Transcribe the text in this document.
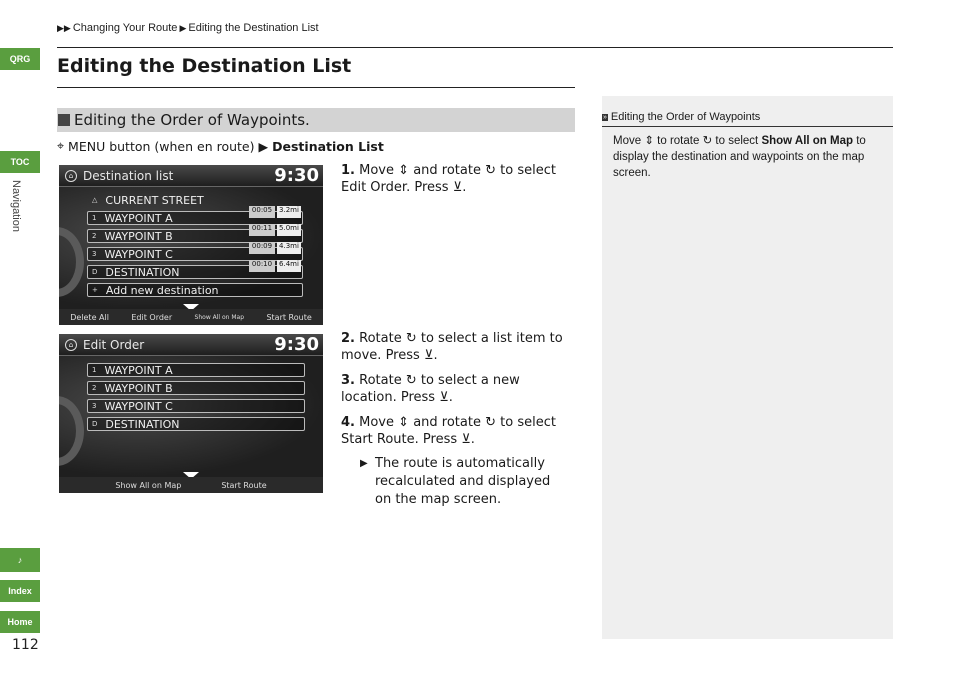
QRG
TOC
Navigation
♪
Index
Home
112
▶▶ Changing Your Route ▶ Editing the Destination List
Editing the Destination List
Editing the Order of Waypoints.
⌖ MENU button (when en route) ▶ Destination List
⌂ Destination list	9:30
△ CURRENT STREET
1 WAYPOINT A
00:05 3.2mi
2 WAYPOINT B
00:11 5.0mi
3 WAYPOINT C
00:09 4.3mi
D DESTINATION
00:10 6.4mi
+ Add new destination
Delete All	Edit Order	Show All on Map	Start Route
⌂ Edit Order	9:30
1 WAYPOINT A
2 WAYPOINT B
3 WAYPOINT C
D DESTINATION
Show All on Map	Start Route
1. Move ⇕ and rotate ↻ to select Edit Order. Press ⊻.
2. Rotate ↻ to select a list item to move. Press ⊻.
3. Rotate ↻ to select a new location. Press ⊻.
4. Move ⇕ and rotate ↻ to select Start Route. Press ⊻.
▶ The route is automatically recalculated and displayed on the map screen.
» Editing the Order of Waypoints
Move ⇕ to rotate ↻ to select Show All on Map to display the destination and waypoints on the map screen.
